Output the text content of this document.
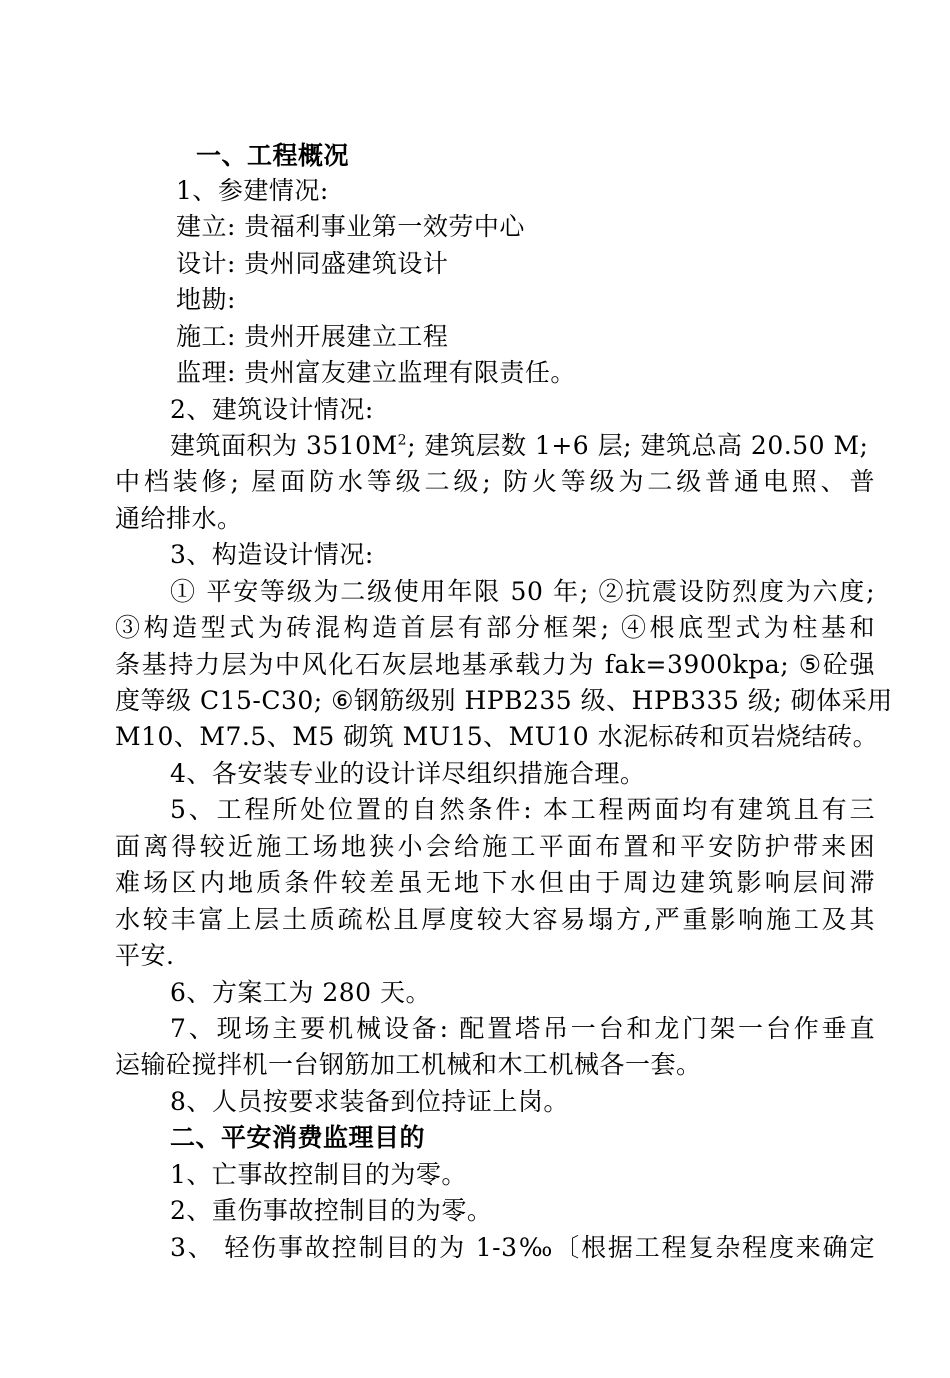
一、工程概况
1、参建情况:
建立: 贵福利事业第一效劳中心
设计: 贵州同盛建筑设计
地勘:
施工: 贵州开展建立工程
监理: 贵州富友建立监理有限责任。
2、建筑设计情况:
建筑面积为 $3510M^2$; 建筑层数 1+6 层; 建筑总高 20.50 M;
中档装修; 屋面防水等级二级; 防火等级为二级普通电照、普
通给排水。
3、构造设计情况:
① 平安等级为二级使用年限 50 年; ②抗震设防烈度为六度;
③构造型式为砖混构造首层有部分框架; ④根底型式为柱基和
条基持力层为中风化石灰层地基承载力为 fak=3900kpa; ⑤砼强
度等级 C15-C30; ⑥钢筋级别 HPB235 级、HPB335 级; 砌体采用
M10、M7.5、M5 砌筑 MU15、MU10 水泥标砖和页岩烧结砖。
4、各安装专业的设计详尽组织措施合理。
5、工程所处位置的自然条件: 本工程两面均有建筑且有三
面离得较近施工场地狭小会给施工平面布置和平安防护带来困
难场区内地质条件较差虽无地下水但由于周边建筑影响层间滞
水较丰富上层土质疏松且厚度较大容易塌方,严重影响施工及其
平安.
6、方案工为 280 天。
7、现场主要机械设备: 配置塔吊一台和龙门架一台作垂直
运输砼搅拌机一台钢筋加工机械和木工机械各一套。
8、人员按要求装备到位持证上岗。
二、平安消费监理目的
1、亡事故控制目的为零。
2、重伤事故控制目的为零。
3、 轻伤事故控制目的为 1-3‰〔根据工程复杂程度来确定
